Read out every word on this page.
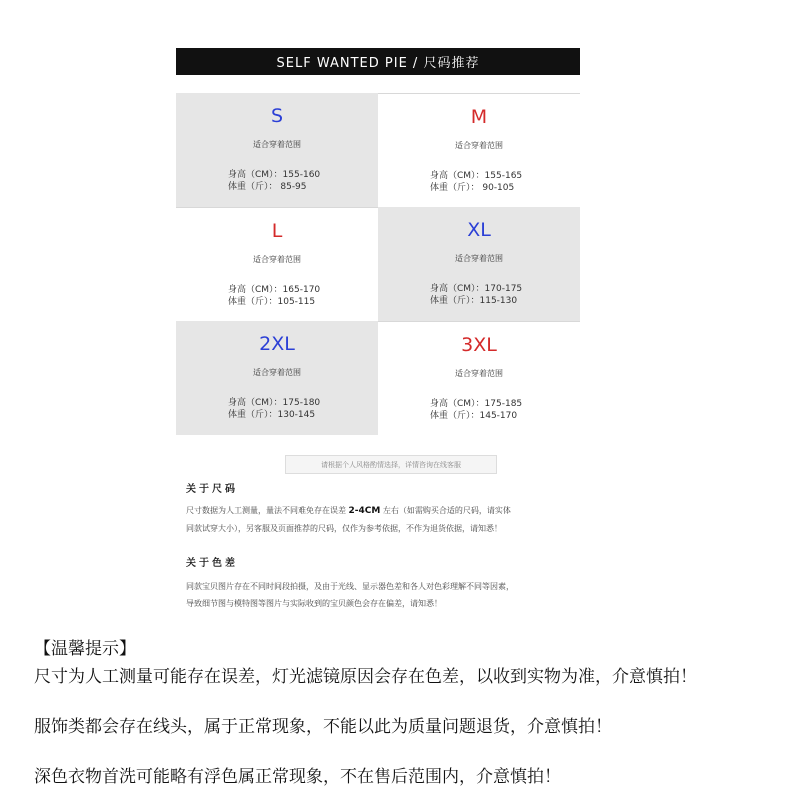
SELF WANTED PIE / 尺码推荐
S
适合穿着范围
身高（CM）：155-160
体重（斤）： 85-95
M
适合穿着范围
身高（CM）：155-165
体重（斤）： 90-105
L
适合穿着范围
身高（CM）：165-170
体重（斤）：105-115
XL
适合穿着范围
身高（CM）：170-175
体重（斤）：115-130
2XL
适合穿着范围
身高（CM）：175-180
体重（斤）：130-145
3XL
适合穿着范围
身高（CM）：175-185
体重（斤）：145-170
请根据个人风格酌情选择，详情咨询在线客服
关于尺码
尺寸数据为人工测量，量法不同难免存在误差 2-4CM 左右（如需购买合适的尺码，请实体
同款试穿大小），另客服及页面推荐的尺码，仅作为参考依据，不作为退货依据，请知悉！
关于色差
同款宝贝图片存在不同时间段拍摄，及由于光线、显示器色差和各人对色彩理解不同等因素，
导致细节图与模特图等图片与实际收到的宝贝颜色会存在偏差，请知悉！
【温馨提示】
尺寸为人工测量可能存在误差，灯光滤镜原因会存在色差，以收到实物为准，介意慎拍！
服饰类都会存在线头，属于正常现象，不能以此为质量问题退货，介意慎拍！
深色衣物首洗可能略有浮色属正常现象，不在售后范围内，介意慎拍！
